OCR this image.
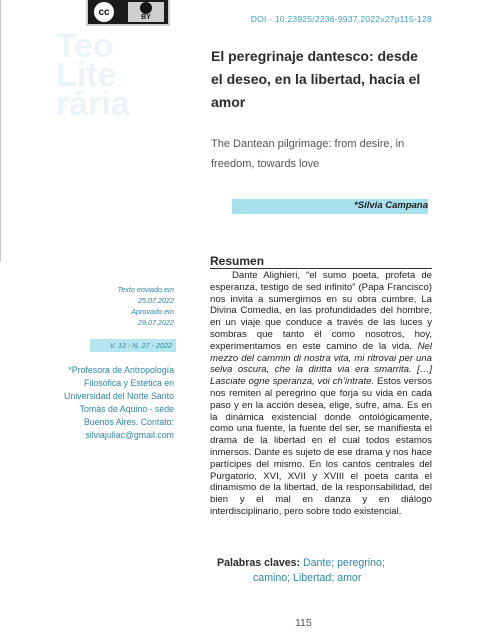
cc	BY	DOI - 10.23925/2236-9937.2022v27p115-128
Teo
Lite
rária
El peregrinaje dantesco: desde el deseo, en la libertad, hacia el amor
The Dantean pilgrimage: from desire, in freedom, towards love
*Silvia Campana
Texto enviado em
25.07.2022
Aprovado em
29.07.2022
V. 12 - N. 27 - 2022
*Profesora de Antropología Filosófica y Estética en Universidad del Norte Santo Tomás de Aquino - sede Buenos Aires. Contato: silviajuliac@gmail.com
Resumen

Dante Alighieri, “el sumo poeta, profeta de esperanza, testigo de sed infinito” (Papa Francisco) nos invita a sumergirnos en su obra cumbre, La Divina Comedia, en las profundidades del hombre, en un viaje que conduce a través de las luces y sombras que tanto él como nosotros, hoy, experimentamos en este camino de la vida. Nel mezzo del cammin di nostra vita, mi ritrovai per una selva oscura, che la diritta via era smarrita. […] Lasciate ogne speranza, voi ch’intrate. Estos versos nos remiten al peregrino que forja su vida en cada paso y en la acción desea, elige, sufre, ama. Es en la dinámica existencial donde ontológicamente, como una fuente, la fuente del ser, se manifiesta el drama de la libertad en el cual todos estamos inmersos. Dante es sujeto de ese drama y nos hace partícipes del mismo. En los cantos centrales del Purgatorio, XVI, XVII y XVIII el poeta canta el dinamismo de la libertad, de la responsabilidad, del bien y el mal en danza y en diálogo interdisciplinario, pero sobre todo existencial.

Palabras claves: Dante; peregrino;
camino; Libertad; amor
115
